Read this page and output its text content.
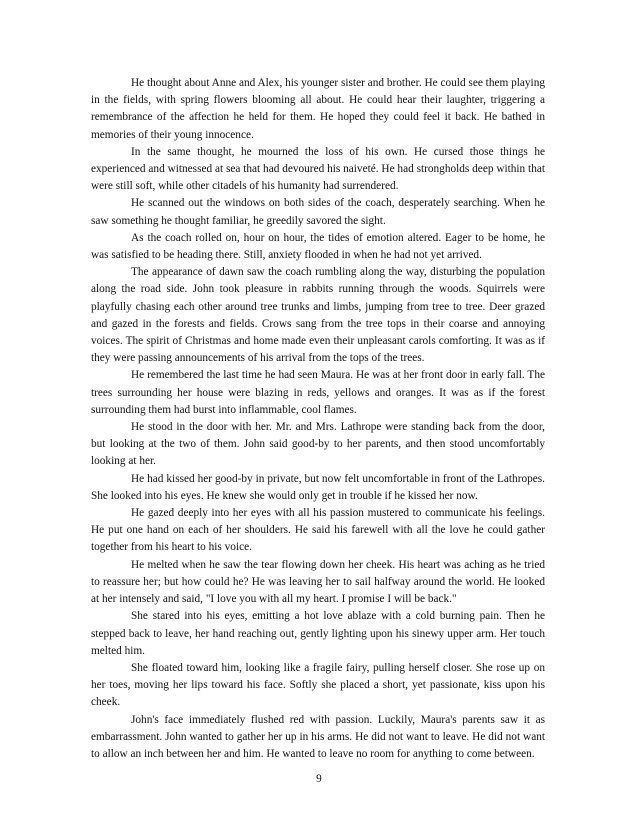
He thought about Anne and Alex, his younger sister and brother. He could see them playing in the fields, with spring flowers blooming all about. He could hear their laughter, triggering a remembrance of the affection he held for them. He hoped they could feel it back. He bathed in memories of their young innocence.

In the same thought, he mourned the loss of his own. He cursed those things he experienced and witnessed at sea that had devoured his naiveté. He had strongholds deep within that were still soft, while other citadels of his humanity had surrendered.

He scanned out the windows on both sides of the coach, desperately searching. When he saw something he thought familiar, he greedily savored the sight.

As the coach rolled on, hour on hour, the tides of emotion altered. Eager to be home, he was satisfied to be heading there. Still, anxiety flooded in when he had not yet arrived.

The appearance of dawn saw the coach rumbling along the way, disturbing the population along the road side. John took pleasure in rabbits running through the woods. Squirrels were playfully chasing each other around tree trunks and limbs, jumping from tree to tree. Deer grazed and gazed in the forests and fields. Crows sang from the tree tops in their coarse and annoying voices. The spirit of Christmas and home made even their unpleasant carols comforting. It was as if they were passing announcements of his arrival from the tops of the trees.

He remembered the last time he had seen Maura. He was at her front door in early fall. The trees surrounding her house were blazing in reds, yellows and oranges. It was as if the forest surrounding them had burst into inflammable, cool flames.

He stood in the door with her. Mr. and Mrs. Lathrope were standing back from the door, but looking at the two of them. John said good-by to her parents, and then stood uncomfortably looking at her.

He had kissed her good-by in private, but now felt uncomfortable in front of the Lathropes. She looked into his eyes. He knew she would only get in trouble if he kissed her now.

He gazed deeply into her eyes with all his passion mustered to communicate his feelings. He put one hand on each of her shoulders. He said his farewell with all the love he could gather together from his heart to his voice.

He melted when he saw the tear flowing down her cheek. His heart was aching as he tried to reassure her; but how could he? He was leaving her to sail halfway around the world. He looked at her intensely and said, "I love you with all my heart. I promise I will be back."

She stared into his eyes, emitting a hot love ablaze with a cold burning pain. Then he stepped back to leave, her hand reaching out, gently lighting upon his sinewy upper arm. Her touch melted him.

She floated toward him, looking like a fragile fairy, pulling herself closer. She rose up on her toes, moving her lips toward his face. Softly she placed a short, yet passionate, kiss upon his cheek.

John's face immediately flushed red with passion. Luckily, Maura's parents saw it as embarrassment. John wanted to gather her up in his arms. He did not want to leave. He did not want to allow an inch between her and him. He wanted to leave no room for anything to come between.

9
